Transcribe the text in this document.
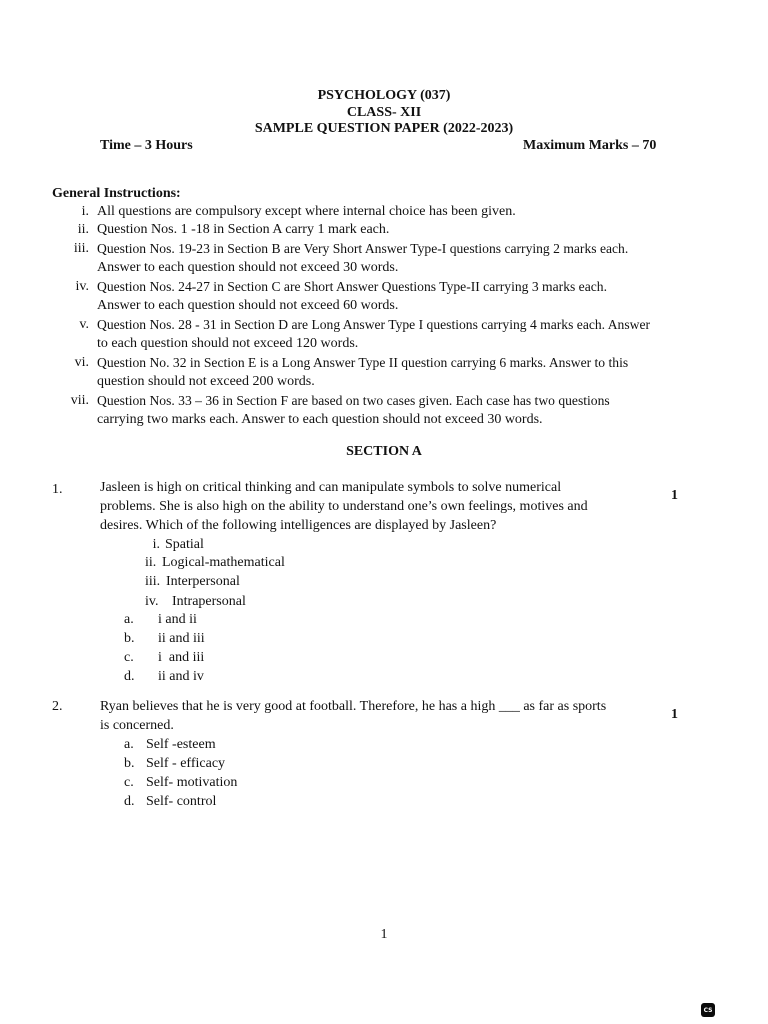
PSYCHOLOGY (037)
CLASS- XII
SAMPLE QUESTION PAPER (2022-2023)
Time – 3 Hours	Maximum Marks – 70
General Instructions:
i. All questions are compulsory except where internal choice has been given.
ii. Question Nos. 1 -18 in Section A carry 1 mark each.
iii. Question Nos. 19-23 in Section B are Very Short Answer Type-I questions carrying 2 marks each.
Answer to each question should not exceed 30 words.
iv. Question Nos. 24-27 in Section C are Short Answer Questions Type-II carrying 3 marks each.
Answer to each question should not exceed 60 words.
v. Question Nos. 28 - 31 in Section D are Long Answer Type I questions carrying 4 marks each. Answer
to each question should not exceed 120 words.
vi. Question No. 32 in Section E is a Long Answer Type II question carrying 6 marks. Answer to this
question should not exceed 200 words.
vii. Question Nos. 33 – 36 in Section F are based on two cases given. Each case has two questions
carrying two marks each. Answer to each question should not exceed 30 words.
SECTION A
1.	Jasleen is high on critical thinking and can manipulate symbols to solve numerical
problems. She is also high on the ability to understand one’s own feelings, motives and
desires. Which of the following intelligences are displayed by Jasleen?
1
i. Spatial
ii. Logical-mathematical
iii. Interpersonal
iv. Intrapersonal
a. i and ii
b. ii and iii
c. i  and iii
d. ii and iv
2.	Ryan believes that he is very good at football. Therefore, he has a high ___ as far as sports
is concerned.
1
a. Self -esteem
b. Self - efficacy
c. Self- motivation
d. Self- control
1
CS
